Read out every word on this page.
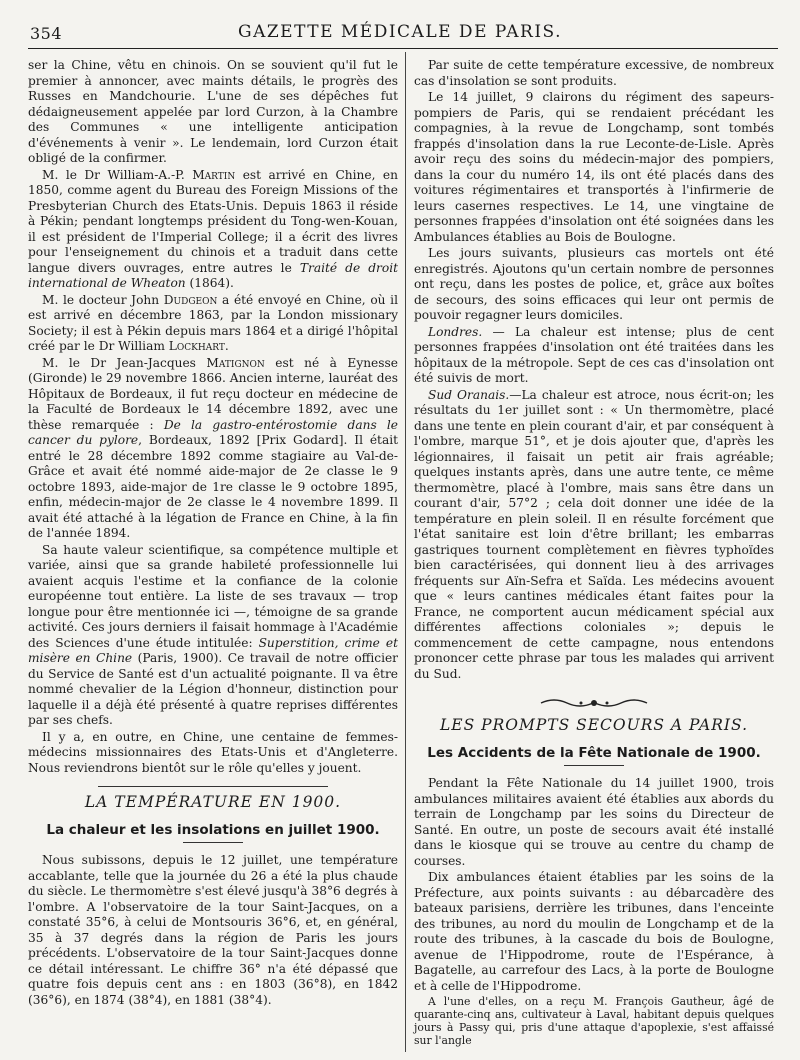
354	GAZETTE MÉDICALE DE PARIS.

ser la Chine, vêtu en chinois. On se souvient qu'il fut le premier à annoncer, avec maints détails, le progrès des Russes en Mandchourie. L'une de ses dépêches fut dédaigneusement appelée par lord Curzon, à la Chambre des Communes « une intelligente anticipation d'événements à venir ». Le lendemain, lord Curzon était obligé de la confirmer.

M. le Dr William-A.-P. Martin est arrivé en Chine, en 1850, comme agent du Bureau des Foreign Missions of the Presbyterian Church des Etats-Unis. Depuis 1863 il réside à Pékin; pendant longtemps président du Tong-wen-Kouan, il est président de l'Imperial College; il a écrit des livres pour l'enseignement du chinois et a traduit dans cette langue divers ouvrages, entre autres le Traité de droit international de Wheaton (1864).

M. le docteur John Dudgeon a été envoyé en Chine, où il est arrivé en décembre 1863, par la London missionary Society; il est à Pékin depuis mars 1864 et a dirigé l'hôpital créé par le Dr William Lockhart.

M. le Dr Jean-Jacques Matignon est né à Eynesse (Gironde) le 29 novembre 1866. Ancien interne, lauréat des Hôpitaux de Bordeaux, il fut reçu docteur en médecine de la Faculté de Bordeaux le 14 décembre 1892, avec une thèse remarquée : De la gastro-entérostomie dans le cancer du pylore, Bordeaux, 1892 [Prix Godard]. Il était entré le 28 décembre 1892 comme stagiaire au Val-de-Grâce et avait été nommé aide-major de 2e classe le 9 octobre 1893, aide-major de 1re classe le 9 octobre 1895, enfin, médecin-major de 2e classe le 4 novembre 1899. Il avait été attaché à la légation de France en Chine, à la fin de l'année 1894.

Sa haute valeur scientifique, sa compétence multiple et variée, ainsi que sa grande habileté professionnelle lui avaient acquis l'estime et la confiance de la colonie européenne tout entière. La liste de ses travaux — trop longue pour être mentionnée ici —, témoigne de sa grande activité. Ces jours derniers il faisait hommage à l'Académie des Sciences d'une étude intitulée: Superstition, crime et misère en Chine (Paris, 1900). Ce travail de notre officier du Service de Santé est d'un actualité poignante. Il va être nommé chevalier de la Légion d'honneur, distinction pour laquelle il a déjà été présenté à quatre reprises différentes par ses chefs.

Il y a, en outre, en Chine, une centaine de femmes-médecins missionnaires des Etats-Unis et d'Angleterre. Nous reviendrons bientôt sur le rôle qu'elles y jouent.

LA TEMPÉRATURE EN 1900.
La chaleur et les insolations en juillet 1900.

Nous subissons, depuis le 12 juillet, une température accablante, telle que la journée du 26 a été la plus chaude du siècle. Le thermomètre s'est élevé jusqu'à 38°6 degrés à l'ombre. A l'observatoire de la tour Saint-Jacques, on a constaté 35°6, à celui de Montsouris 36°6, et, en général, 35 à 37 degrés dans la région de Paris les jours précédents. L'observatoire de la tour Saint-Jacques donne ce détail intéressant. Le chiffre 36° n'a été dépassé que quatre fois depuis cent ans : en 1803 (36°8), en 1842 (36°6), en 1874 (38°4), en 1881 (38°4).

Par suite de cette température excessive, de nombreux cas d'insolation se sont produits.

Le 14 juillet, 9 clairons du régiment des sapeurs-pompiers de Paris, qui se rendaient précédant les compagnies, à la revue de Longchamp, sont tombés frappés d'insolation dans la rue Leconte-de-Lisle. Après avoir reçu des soins du médecin-major des pompiers, dans la cour du numéro 14, ils ont été placés dans des voitures régimentaires et transportés à l'infirmerie de leurs casernes respectives. Le 14, une vingtaine de personnes frappées d'insolation ont été soignées dans les Ambulances établies au Bois de Boulogne.

Les jours suivants, plusieurs cas mortels ont été enregistrés. Ajoutons qu'un certain nombre de personnes ont reçu, dans les postes de police, et, grâce aux boîtes de secours, des soins efficaces qui leur ont permis de pouvoir regagner leurs domiciles.

Londres. — La chaleur est intense; plus de cent personnes frappées d'insolation ont été traitées dans les hôpitaux de la métropole. Sept de ces cas d'insolation ont été suivis de mort.

Sud Oranais.—La chaleur est atroce, nous écrit-on; les résultats du 1er juillet sont : « Un thermomètre, placé dans une tente en plein courant d'air, et par conséquent à l'ombre, marque 51°, et je dois ajouter que, d'après les légionnaires, il faisait un petit air frais agréable; quelques instants après, dans une autre tente, ce même thermomètre, placé à l'ombre, mais sans être dans un courant d'air, 57°2 ; cela doit donner une idée de la température en plein soleil. Il en résulte forcément que l'état sanitaire est loin d'être brillant; les embarras gastriques tournent complètement en fièvres typhoïdes bien caractérisées, qui donnent lieu à des arrivages fréquents sur Aïn-Sefra et Saïda. Les médecins avouent que « leurs cantines médicales étant faites pour la France, ne comportent aucun médicament spécial aux différentes affections coloniales »; depuis le commencement de cette campagne, nous entendons prononcer cette phrase par tous les malades qui arrivent du Sud.

LES PROMPTS SECOURS A PARIS.
Les Accidents de la Fête Nationale de 1900.

Pendant la Fête Nationale du 14 juillet 1900, trois ambulances militaires avaient été établies aux abords du terrain de Longchamp par les soins du Directeur de Santé. En outre, un poste de secours avait été installé dans le kiosque qui se trouve au centre du champ de courses.

Dix ambulances étaient établies par les soins de la Préfecture, aux points suivants : au débarcadère des bateaux parisiens, derrière les tribunes, dans l'enceinte des tribunes, au nord du moulin de Longchamp et de la route des tribunes, à la cascade du bois de Boulogne, avenue de l'Hippodrome, route de l'Espérance, à Bagatelle, au carrefour des Lacs, à la porte de Boulogne et à celle de l'Hippodrome.

A l'une d'elles, on a reçu M. François Gautheur, âgé de quarante-cinq ans, cultivateur à Laval, habitant depuis quelques jours à Passy qui, pris d'une attaque d'apoplexie, s'est affaissé sur l'angle
